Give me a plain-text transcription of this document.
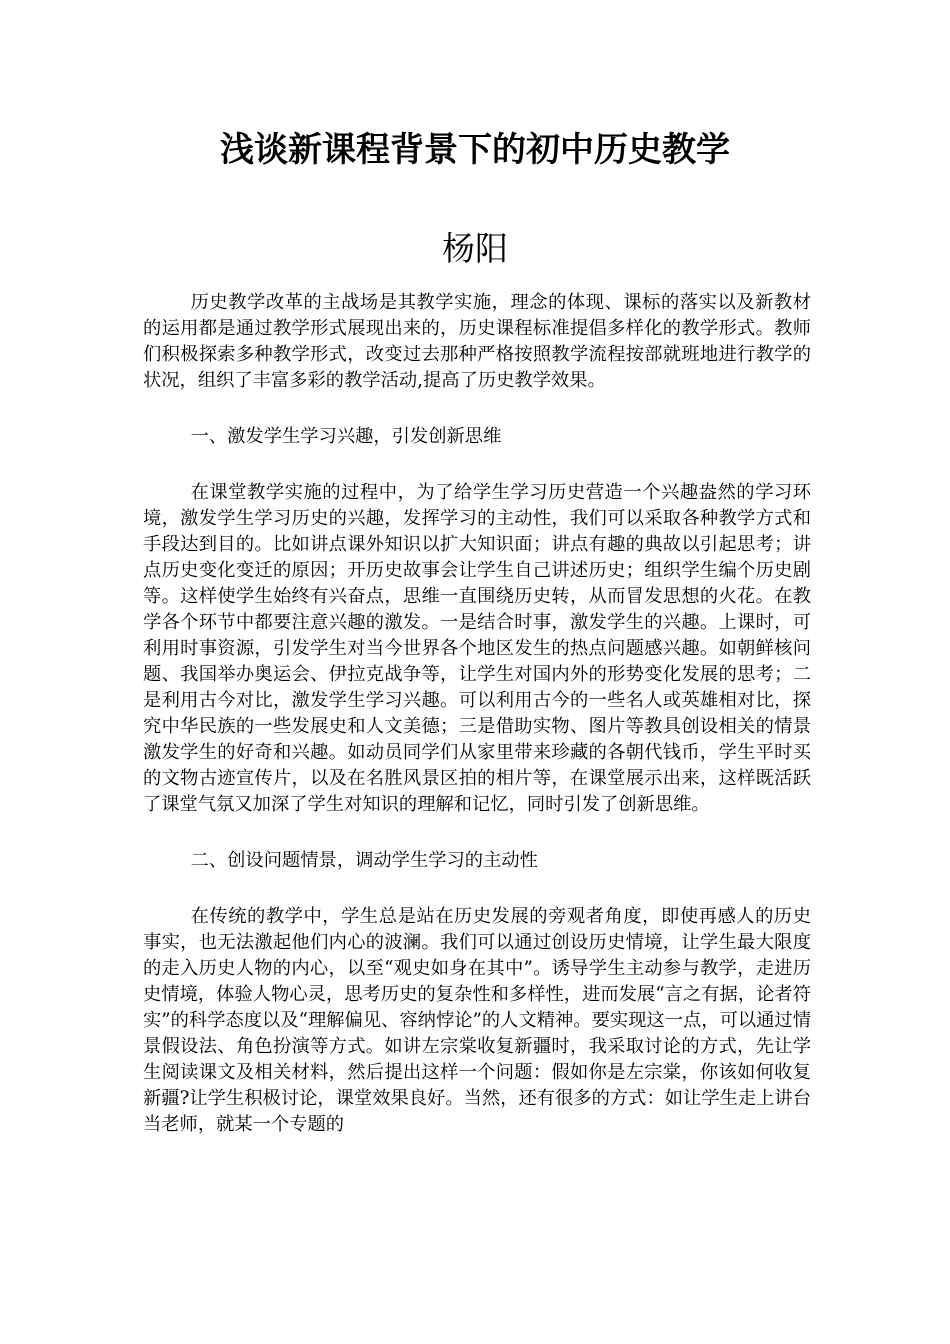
浅谈新课程背景下的初中历史教学
杨阳

历史教学改革的主战场是其教学实施，理念的体现、课标的落实以及新教材的运用都是通过教学形式展现出来的，历史课程标准提倡多样化的教学形式。教师们积极探索多种教学形式，改变过去那种严格按照教学流程按部就班地进行教学的状况，组织了丰富多彩的教学活动,提高了历史教学效果。

一、激发学生学习兴趣，引发创新思维

在课堂教学实施的过程中，为了给学生学习历史营造一个兴趣盎然的学习环境，激发学生学习历史的兴趣，发挥学习的主动性，我们可以采取各种教学方式和手段达到目的。比如讲点课外知识以扩大知识面；讲点有趣的典故以引起思考；讲点历史变化变迁的原因；开历史故事会让学生自己讲述历史；组织学生编个历史剧等。这样使学生始终有兴奋点，思维一直围绕历史转，从而冒发思想的火花。在教学各个环节中都要注意兴趣的激发。一是结合时事，激发学生的兴趣。上课时，可利用时事资源，引发学生对当今世界各个地区发生的热点问题感兴趣。如朝鲜核问题、我国举办奥运会、伊拉克战争等，让学生对国内外的形势变化发展的思考；二是利用古今对比，激发学生学习兴趣。可以利用古今的一些名人或英雄相对比，探究中华民族的一些发展史和人文美德；三是借助实物、图片等教具创设相关的情景激发学生的好奇和兴趣。如动员同学们从家里带来珍藏的各朝代钱币，学生平时买的文物古迹宣传片，以及在名胜风景区拍的相片等，在课堂展示出来，这样既活跃了课堂气氛又加深了学生对知识的理解和记忆，同时引发了创新思维。

二、创设问题情景，调动学生学习的主动性

在传统的教学中，学生总是站在历史发展的旁观者角度，即使再感人的历史事实，也无法激起他们内心的波澜。我们可以通过创设历史情境，让学生最大限度的走入历史人物的内心，以至“观史如身在其中”。诱导学生主动参与教学，走进历史情境，体验人物心灵，思考历史的复杂性和多样性，进而发展“言之有据，论者符实”的科学态度以及“理解偏见、容纳悖论”的人文精神。要实现这一点，可以通过情景假设法、角色扮演等方式。如讲左宗棠收复新疆时，我采取讨论的方式，先让学生阅读课文及相关材料，然后提出这样一个问题：假如你是左宗棠，你该如何收复新疆?让学生积极讨论，课堂效果良好。当然，还有很多的方式：如让学生走上讲台当老师，就某一个专题的
